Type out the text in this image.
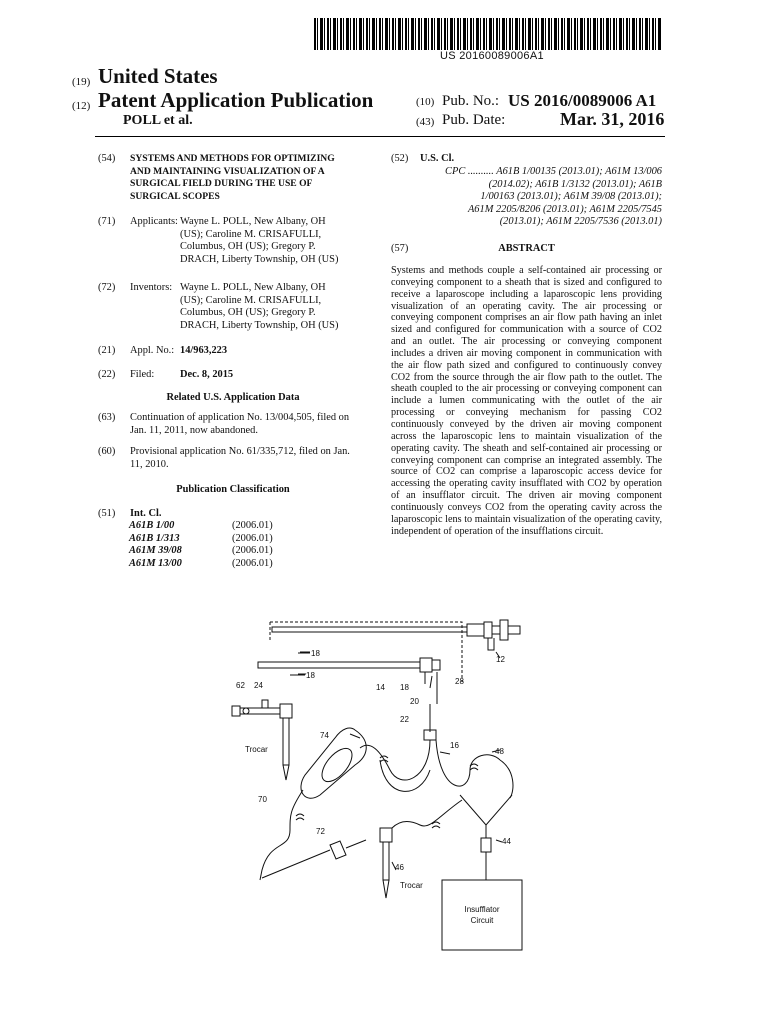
US 20160089006A1
(19) United States
(12) Patent Application Publication
POLL et al.
(10) Pub. No.: US 2016/0089006 A1
(43) Pub. Date:	Mar. 31, 2016
(54) SYSTEMS AND METHODS FOR OPTIMIZING
AND MAINTAINING VISUALIZATION OF A
SURGICAL FIELD DURING THE USE OF
SURGICAL SCOPES
(71) Applicants: Wayne L. POLL, New Albany, OH
(US); Caroline M. CRISAFULLI,
Columbus, OH (US); Gregory P.
DRACH, Liberty Township, OH (US)
(72) Inventors: Wayne L. POLL, New Albany, OH
(US); Caroline M. CRISAFULLI,
Columbus, OH (US); Gregory P.
DRACH, Liberty Township, OH (US)
(21) Appl. No.: 14/963,223
(22) Filed: Dec. 8, 2015
Related U.S. Application Data
(63) Continuation of application No. 13/004,505, filed on
Jan. 11, 2011, now abandoned.
(60) Provisional application No. 61/335,712, filed on Jan.
11, 2010.
Publication Classification
(51) Int. Cl.
A61B 1/00	(2006.01)
A61B 1/313	(2006.01)
A61M 39/08	(2006.01)
A61M 13/00	(2006.01)
(52) U.S. Cl.
CPC .......... A61B 1/00135 (2013.01); A61M 13/006
(2014.02); A61B 1/3132 (2013.01); A61B
1/00163 (2013.01); A61M 39/08 (2013.01);
A61M 2205/8206 (2013.01); A61M 2205/7545
(2013.01); A61M 2205/7536 (2013.01)
(57)	ABSTRACT
Systems and methods couple a self-contained air processing or conveying component to a sheath that is sized and configured to receive a laparoscope including a laparoscopic lens providing visualization of an operating cavity. The air processing or conveying component comprises an air flow path having an inlet sized and configured for communication with a source of CO2 and an outlet. The air processing or conveying component includes a driven air moving component in communication with the air flow path sized and configured to continuously convey CO2 from the source through the air flow path to the outlet. The sheath coupled to the air processing or conveying component can include a lumen communicating with the outlet of the air processing or conveying mechanism for passing CO2 continuously conveyed by the driven air moving component across the laparoscopic lens to maintain visualization of the operating cavity. The sheath and self-contained air processing or conveying component can comprise an integrated assembly. The source of CO2 can comprise a laparoscopic access device for accessing the operating cavity insufflated with CO2 by operation of an insufflator circuit. The driven air moving component continuously conveys CO2 from the operating cavity across the laparoscopic lens to maintain visualization of the operating cavity, independent of operation of the insufflations circuit.
12
18
18
14 18
28
20
62 24
22
74
16
48
70
72
44
46
Trocar
Trocar
Insufflator
Circuit
